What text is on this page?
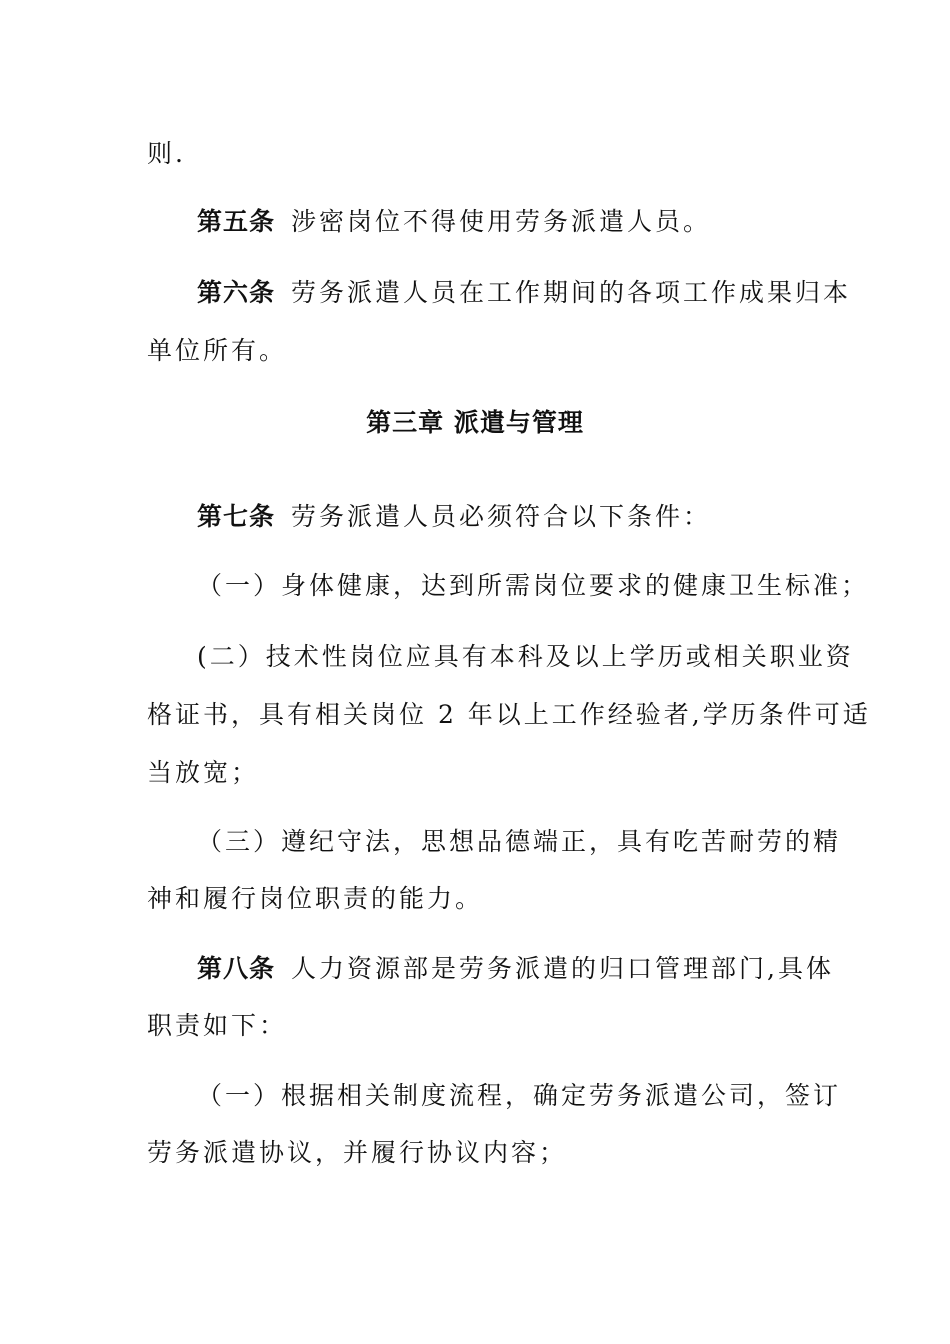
则.
第五条 涉密岗位不得使用劳务派遣人员。
第六条 劳务派遣人员在工作期间的各项工作成果归本
单位所有。
第三章 派遣与管理
第七条 劳务派遣人员必须符合以下条件：
（一）身体健康，达到所需岗位要求的健康卫生标准；
(二）技术性岗位应具有本科及以上学历或相关职业资
格证书，具有相关岗位 2 年以上工作经验者,学历条件可适
当放宽；
（三）遵纪守法，思想品德端正，具有吃苦耐劳的精
神和履行岗位职责的能力。
第八条 人力资源部是劳务派遣的归口管理部门,具体
职责如下：
（一）根据相关制度流程，确定劳务派遣公司，签订
劳务派遣协议，并履行协议内容；
